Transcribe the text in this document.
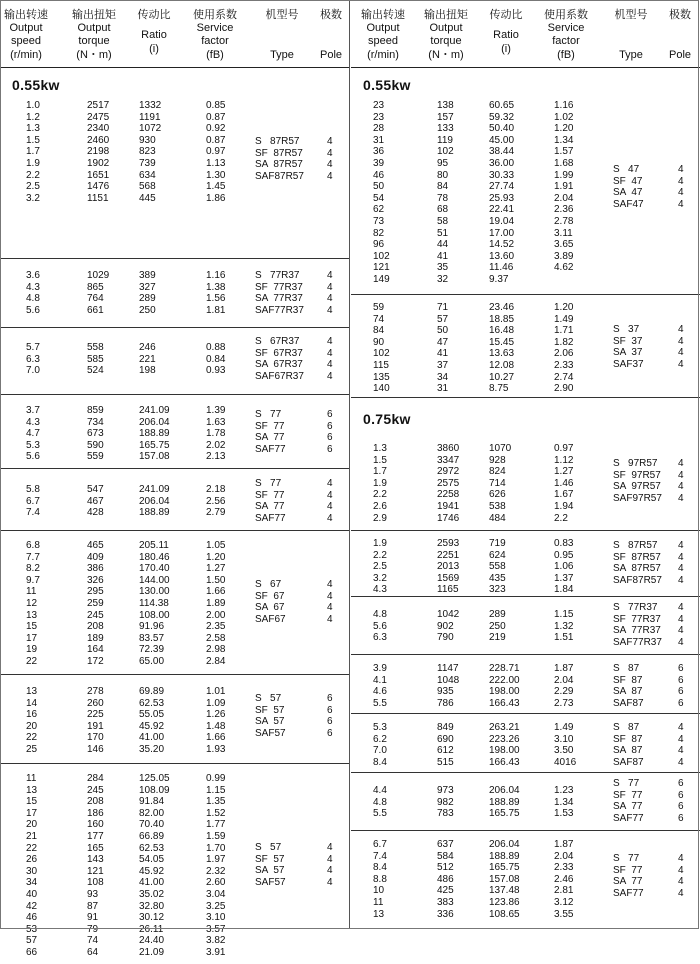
输出转速
Output
speed
(r/min)
输出扭矩
Output
torque
(N・m)
传动比
Ratio
(i)
使用系数
Service
factor
(fB)
机型号
Type
极数
Pole
0.55kw
1.0	2517	1332	0.85
1.2	2475	1191	0.87
1.3	2340	1072	0.92
1.5	2460	930	0.87
1.7	2198	823	0.97
1.9	1902	739	1.13
2.2	1651	634	1.30
2.5	1476	568	1.45
3.2	1151	445	1.86
S   87R57	4
SF  87R57 4
SA  87R57 4
SAF87R57 4
3.6	1029	389	1.16
4.3	865	327	1.38
4.8	764	289	1.56
5.6	661	250	1.81
S   77R37	4
SF  77R37 4
SA  77R37 4
SAF77R37 4
5.7	558	246	0.88
6.3	585	221	0.84
7.0	524	198	0.93
S   67R37	4
SF  67R37 4
SA  67R37 4
SAF67R37 4
3.7	859	241.09	1.39
4.3	734	206.04	1.63
4.7	673	188.89	1.78
5.3	590	165.75	2.02
5.6	559	157.08	2.13
S   77	6
SF  77	6
SA  77	6
SAF77	6
5.8	547	241.09	2.18
6.7	467	206.04	2.56
7.4	428	188.89	2.79
S   77	4
SF  77	4
SA  77	4
SAF77	4
6.8	465	205.11	1.05
7.7	409	180.46	1.20
8.2	386	170.40	1.27
9.7	326	144.00	1.50
11	295	130.00	1.66
12	259	114.38	1.89
13	245	108.00	2.00
15	208	91.96	2.35
17	189	83.57	2.58
19	164	72.39	2.98
22	172	65.00	2.84
S   67	4
SF  67	4
SA  67	4
SAF67	4
13	278	69.89	1.01
14	260	62.53	1.09
16	225	55.05	1.26
20	191	45.92	1.48
22	170	41.00	1.66
25	146	35.20	1.93
S   57	6
SF  57	6
SA  57	6
SAF57	6
11	284	125.05	0.99
13	245	108.09	1.15
15	208	91.84	1.35
17	186	82.00	1.52
20	160	70.40	1.77
21	177	66.89	1.59
22	165	62.53	1.70
26	143	54.05	1.97
30	121	45.92	2.32
34	108	41.00	2.60
40	93	35.02	3.04
42	87	32.80	3.25
46	91	30.12	3.10
53	79	26.11	3.57
57	74	24.40	3.82
66	64	21.09	3.91
S   57	4
SF  57	4
SA  57	4
SAF57	4
输出转速
Output
speed
(r/min)
输出扭矩
Output
torque
(N・m)
传动比
Ratio
(i)
使用系数
Service
factor
(fB)
机型号
Type
极数
Pole
0.55kw
23	138	60.65	1.16
23	157	59.32	1.02
28	133	50.40	1.20
31	119	45.00	1.34
36	102	38.44	1.57
39	95	36.00	1.68
46	80	30.33	1.99
50	84	27.74	1.91
54	78	25.93	2.04
62	68	22.41	2.36
73	58	19.04	2.78
82	51	17.00	3.11
96	44	14.52	3.65
102	41	13.60	3.89
121	35	11.46	4.62
149	32	9.37
S   47	4
SF  47	4
SA  47	4
SAF47	4
59	71	23.46	1.20
74	57	18.85	1.49
84	50	16.48	1.71
90	47	15.45	1.82
102	41	13.63	2.06
115	37	12.08	2.33
135	34	10.27	2.74
140	31	8.75	2.90
S   37	4
SF  37	4
SA  37	4
SAF37	4
0.75kw
1.3	3860	1070	0.97
1.5	3347	928	1.12
1.7	2972	824	1.27
1.9	2575	714	1.46
2.2	2258	626	1.67
2.6	1941	538	1.94
2.9	1746	484	2.2
S   97R57 4
SF  97R57 4
SA  97R57 4
SAF97R57 4
1.9	2593	719	0.83
2.2	2251	624	0.95
2.5	2013	558	1.06
3.2	1569	435	1.37
4.3	1165	323	1.84
S   87R57 4
SF  87R57 4
SA  87R57 4
SAF87R57 4
4.8	1042	289	1.15
5.6	902	250	1.32
6.3	790	219	1.51
S   77R37 4
SF  77R37 4
SA  77R37 4
SAF77R37 4
3.9	1147	228.71	1.87
4.1	1048	222.00	2.04
4.6	935	198.00	2.29
5.5	786	166.43	2.73
S   87	6
SF  87	6
SA  87	6
SAF87	6
5.3	849	263.21	1.49
6.2	690	223.26	3.10
7.0	612	198.00	3.50
8.4	515	166.43	4016
S   87	4
SF  87	4
SA  87	4
SAF87	4
4.4	973	206.04	1.23
4.8	982	188.89	1.34
5.5	783	165.75	1.53
S   77	6
SF  77	6
SA  77	6
SAF77	6
6.7	637	206.04	1.87
7.4	584	188.89	2.04
8.4	512	165.75	2.33
8.8	486	157.08	2.46
10	425	137.48	2.81
11	383	123.86	3.12
13	336	108.65	3.55
S   77	4
SF  77	4
SA  77	4
SAF77	4
